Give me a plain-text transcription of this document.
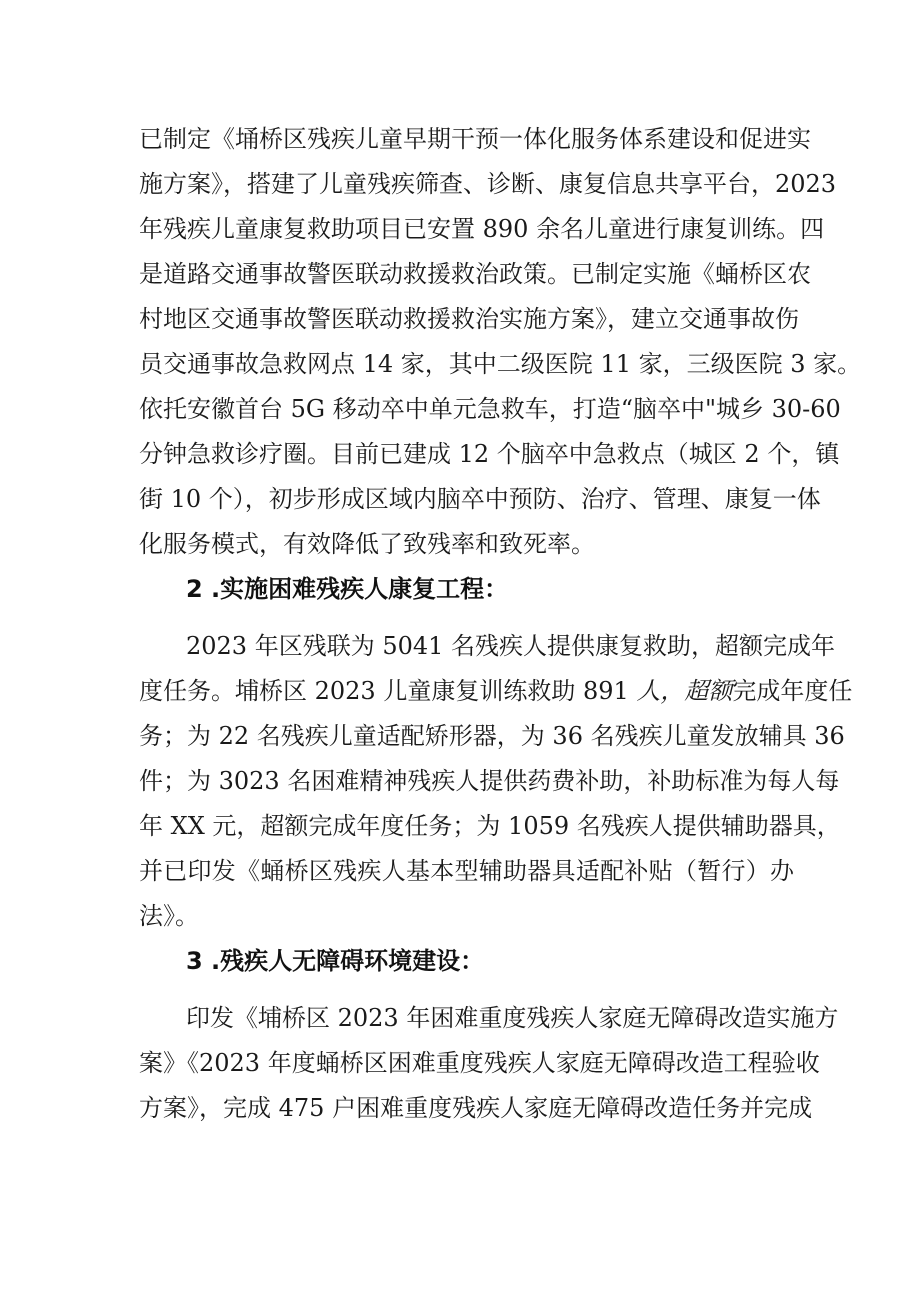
已制定《埇桥区残疾儿童早期干预一体化服务体系建设和促进实
施方案》，搭建了儿童残疾筛查、诊断、康复信息共享平台，2023
年残疾儿童康复救助项目已安置 890 余名儿童进行康复训练。四
是道路交通事故警医联动救援救治政策。已制定实施《蛹桥区农
村地区交通事故警医联动救援救治实施方案》，建立交通事故伤
员交通事故急救网点 14 家，其中二级医院 11 家，三级医院 3 家。
依托安徽首台 5G 移动卒中单元急救车，打造“脑卒中"城乡 30-60
分钟急救诊疗圈。目前已建成 12 个脑卒中急救点（城区 2 个，镇
街 10 个），初步形成区域内脑卒中预防、治疗、管理、康复一体
化服务模式，有效降低了致残率和致死率。
2 .实施困难残疾人康复工程：
2023 年区残联为 5041 名残疾人提供康复救助，超额完成年
度任务。埔桥区 2023 儿童康复训练救助 891 人，超额完成年度任
务；为 22 名残疾儿童适配矫形器，为 36 名残疾儿童发放辅具 36
件；为 3023 名困难精神残疾人提供药费补助，补助标准为每人每
年 XX 元，超额完成年度任务；为 1059 名残疾人提供辅助器具，
并已印发《蛹桥区残疾人基本型辅助器具适配补贴（暂行）办
法》。
3 .残疾人无障碍环境建设：
印发《埔桥区 2023 年困难重度残疾人家庭无障碍改造实施方
案》《2023 年度蛹桥区困难重度残疾人家庭无障碍改造工程验收
方案》，完成 475 户困难重度残疾人家庭无障碍改造任务并完成
